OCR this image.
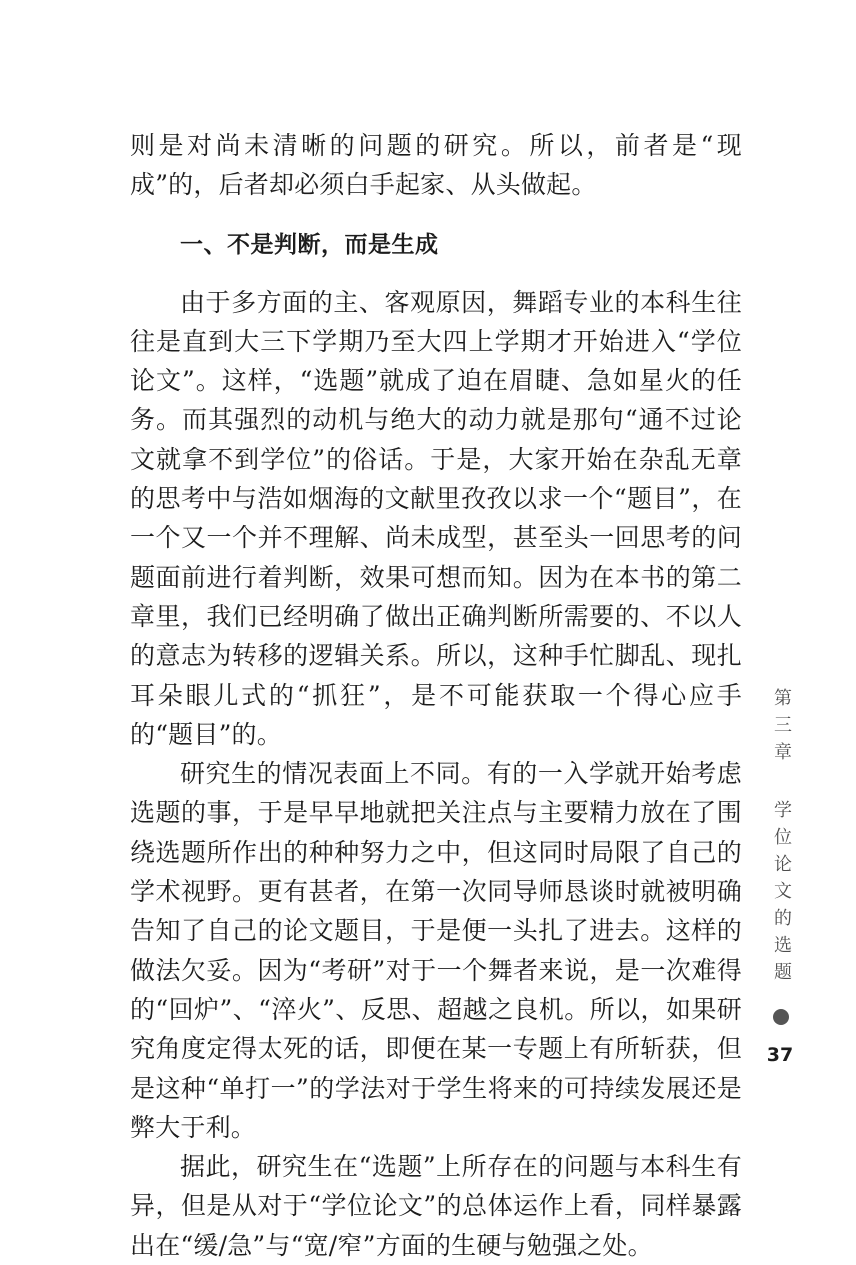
则是对尚未清晰的问题的研究。所以，前者是“现成”的，后者却必须白手起家、从头做起。

一、不是判断，而是生成

由于多方面的主、客观原因，舞蹈专业的本科生往往是直到大三下学期乃至大四上学期才开始进入“学位论文”。这样，“选题”就成了迫在眉睫、急如星火的任务。而其强烈的动机与绝大的动力就是那句“通不过论文就拿不到学位”的俗话。于是，大家开始在杂乱无章的思考中与浩如烟海的文献里孜孜以求一个“题目”，在一个又一个并不理解、尚未成型，甚至头一回思考的问题面前进行着判断，效果可想而知。因为在本书的第二章里，我们已经明确了做出正确判断所需要的、不以人的意志为转移的逻辑关系。所以，这种手忙脚乱、现扎耳朵眼儿式的“抓狂”，是不可能获取一个得心应手的“题目”的。

研究生的情况表面上不同。有的一入学就开始考虑选题的事，于是早早地就把关注点与主要精力放在了围绕选题所作出的种种努力之中，但这同时局限了自己的学术视野。更有甚者，在第一次同导师恳谈时就被明确告知了自己的论文题目，于是便一头扎了进去。这样的做法欠妥。因为“考研”对于一个舞者来说，是一次难得的“回炉”、“淬火”、反思、超越之良机。所以，如果研究角度定得太死的话，即便在某一专题上有所斩获，但是这种“单打一”的学法对于学生将来的可持续发展还是弊大于利。

据此，研究生在“选题”上所存在的问题与本科生有异，但是从对于“学位论文”的总体运作上看，同样暴露出在“缓/急”与“宽/窄”方面的生硬与勉强之处。

第三章
学位论文的选题
37
